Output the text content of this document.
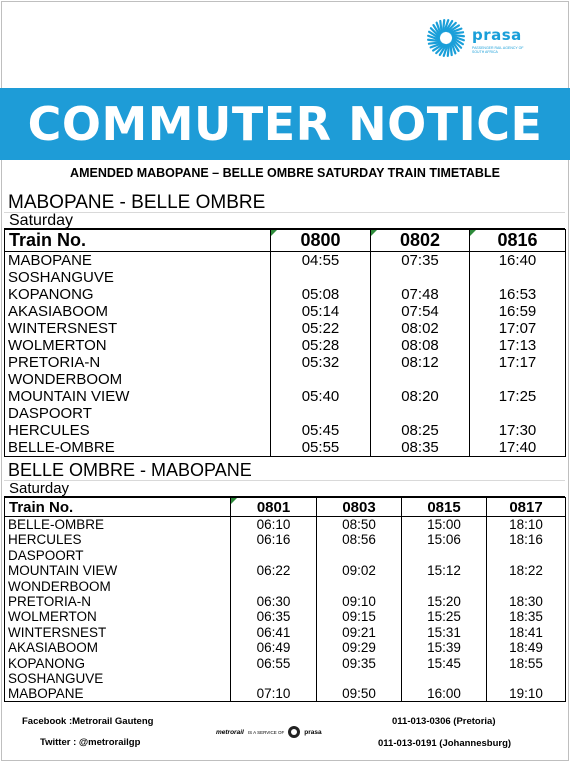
prasa
PASSENGER RAIL AGENCY OF SOUTH AFRICA
COMMUTER NOTICE
AMENDED MABOPANE – BELLE OMBRE SATURDAY TRAIN TIMETABLE
MABOPANE - BELLE OMBRE
Saturday
Train No.	0800	0802	0816
MABOPANE	04:55	07:35	16:40
SOSHANGUVE			
KOPANONG	05:08	07:48	16:53
AKASIABOOM	05:14	07:54	16:59
WINTERSNEST	05:22	08:02	17:07
WOLMERTON	05:28	08:08	17:13
PRETORIA-N	05:32	08:12	17:17
WONDERBOOM			
MOUNTAIN VIEW	05:40	08:20	17:25
DASPOORT			
HERCULES	05:45	08:25	17:30
BELLE-OMBRE	05:55	08:35	17:40
BELLE OMBRE - MABOPANE
Saturday
Train No.	0801	0803	0815	0817
BELLE-OMBRE	06:10	08:50	15:00	18:10
HERCULES	06:16	08:56	15:06	18:16
DASPOORT				
MOUNTAIN VIEW	06:22	09:02	15:12	18:22
WONDERBOOM				
PRETORIA-N	06:30	09:10	15:20	18:30
WOLMERTON	06:35	09:15	15:25	18:35
WINTERSNEST	06:41	09:21	15:31	18:41
AKASIABOOM	06:49	09:29	15:39	18:49
KOPANONG	06:55	09:35	15:45	18:55
SOSHANGUVE				
MABOPANE	07:10	09:50	16:00	19:10
Facebook :Metrorail Gauteng
Twitter : @metrorailgp
metrorail IS A SERVICE OF	prasa
011-013-0306 (Pretoria)
011-013-0191 (Johannesburg)
